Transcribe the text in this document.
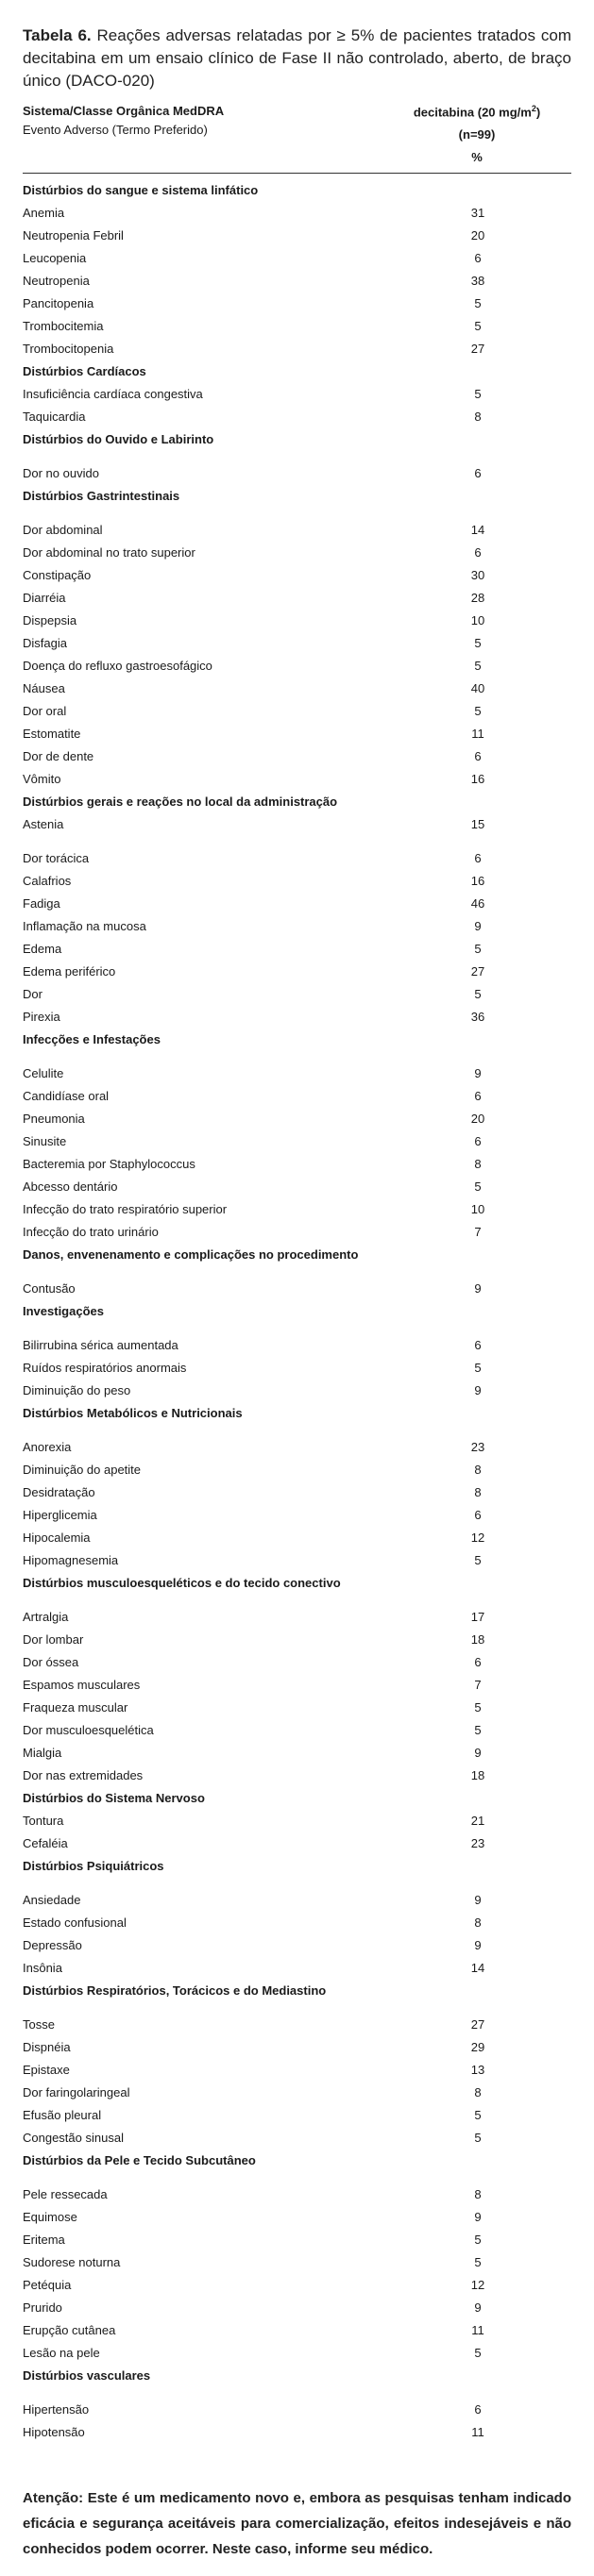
Tabela 6. Reações adversas relatadas por ≥ 5% de pacientes tratados com decitabina em um ensaio clínico de Fase II não controlado, aberto, de braço único (DACO-020)

Sistema/Classe Orgânica MedDRA
Evento Adverso (Termo Preferido)
decitabina (20 $mg/m^2$)
(n=99)
%
Distúrbios do sangue e sistema linfático
Anemia	31
Neutropenia Febril	20
Leucopenia	6
Neutropenia	38
Pancitopenia	5
Trombocitemia	5
Trombocitopenia	27
Distúrbios Cardíacos
Insuficiência cardíaca congestiva	5
Taquicardia	8
Distúrbios do Ouvido e Labirinto
Dor no ouvido	6
Distúrbios Gastrintestinais
Dor abdominal	14
Dor abdominal no trato superior	6
Constipação	30
Diarréia	28
Dispepsia	10
Disfagia	5
Doença do refluxo gastroesofágico	5
Náusea	40
Dor oral	5
Estomatite	11
Dor de dente	6
Vômito	16
Distúrbios gerais e reações no local da administração
Astenia	15
Dor torácica	6
Calafrios	16
Fadiga	46
Inflamação na mucosa	9
Edema	5
Edema periférico	27
Dor	5
Pirexia	36
Infecções e Infestações
Celulite	9
Candidíase oral	6
Pneumonia	20
Sinusite	6
Bacteremia por Staphylococcus	8
Abcesso dentário	5
Infecção do trato respiratório superior	10
Infecção do trato urinário	7
Danos, envenenamento e complicações no procedimento
Contusão	9
Investigações
Bilirrubina sérica aumentada	6
Ruídos respiratórios anormais	5
Diminuição do peso	9
Distúrbios Metabólicos e Nutricionais
Anorexia	23
Diminuição do apetite	8
Desidratação	8
Hiperglicemia	6
Hipocalemia	12
Hipomagnesemia	5
Distúrbios musculoesqueléticos e do tecido conectivo
Artralgia	17
Dor lombar	18
Dor óssea	6
Espamos musculares	7
Fraqueza muscular	5
Dor musculoesquelética	5
Mialgia	9
Dor nas extremidades	18
Distúrbios do Sistema Nervoso
Tontura	21
Cefaléia	23
Distúrbios Psiquiátricos
Ansiedade	9
Estado confusional	8
Depressão	9
Insônia	14
Distúrbios Respiratórios, Torácicos e do Mediastino
Tosse	27
Dispnéia	29
Epistaxe	13
Dor faringolaringeal	8
Efusão pleural	5
Congestão sinusal	5
Distúrbios da Pele e Tecido Subcutâneo
Pele ressecada	8
Equimose	9
Eritema	5
Sudorese noturna	5
Petéquia	12
Prurido	9
Erupção cutânea	11
Lesão na pele	5
Distúrbios vasculares
Hipertensão	6
Hipotensão	11

Atenção: Este é um medicamento novo e, embora as pesquisas tenham indicado eficácia e segurança aceitáveis para comercialização, efeitos indesejáveis e não conhecidos podem ocorrer. Neste caso, informe seu médico.
